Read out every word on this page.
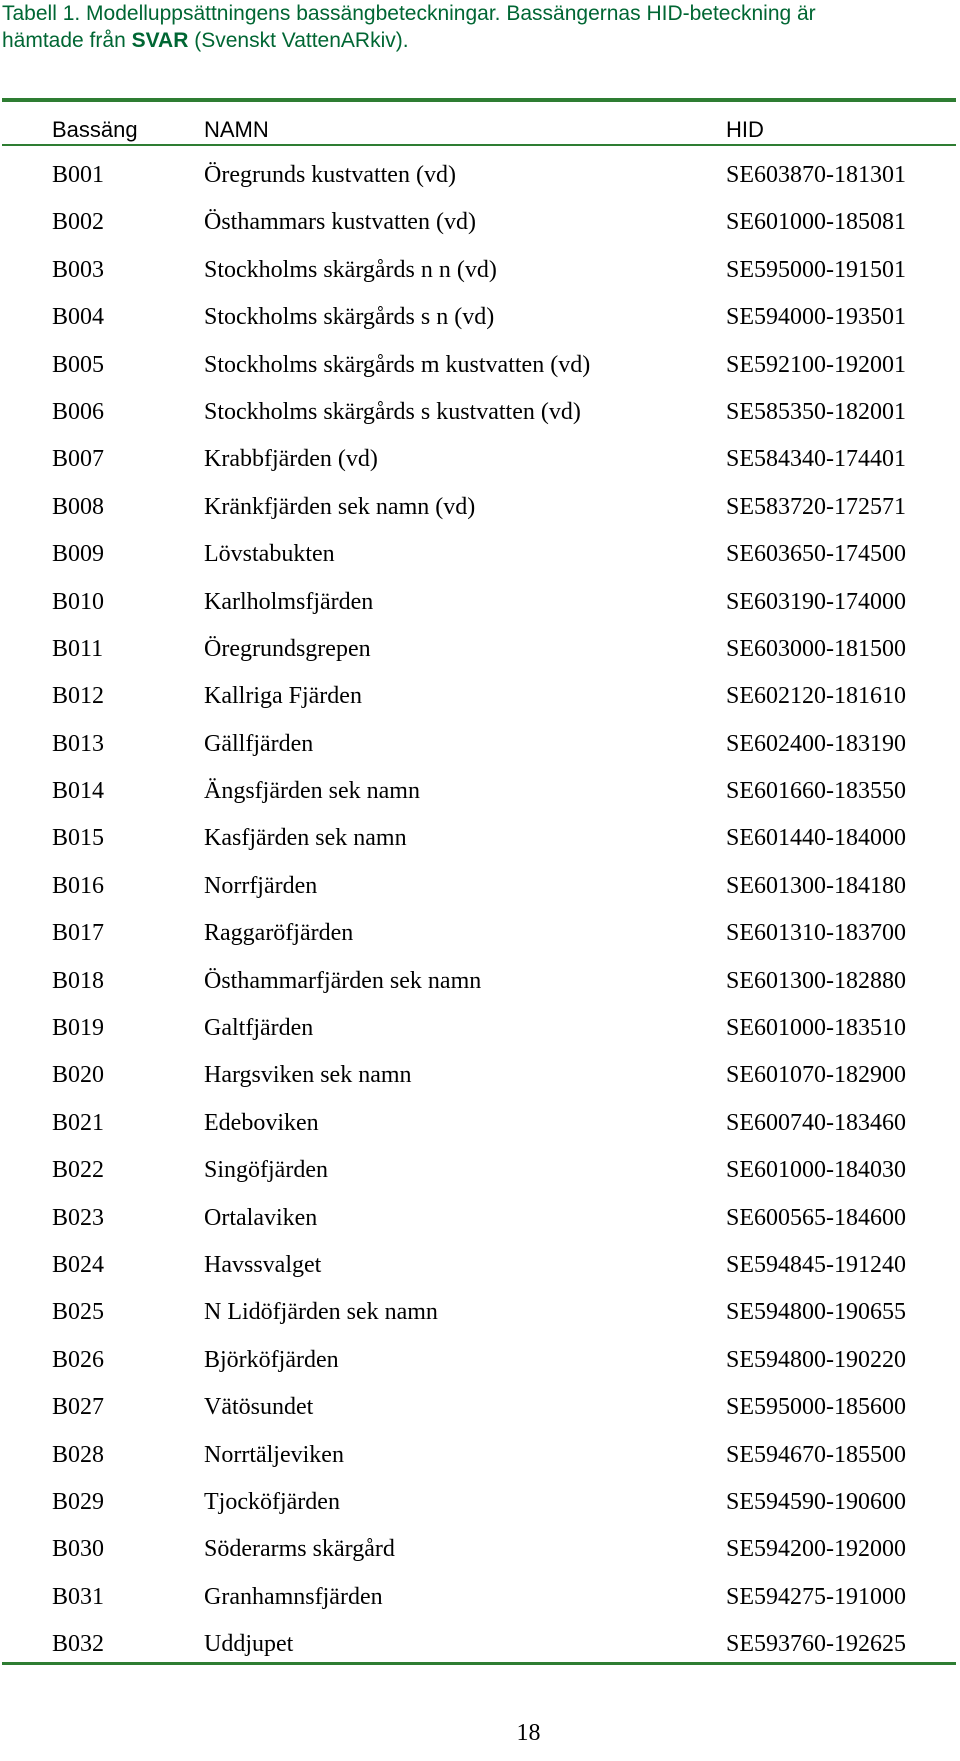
Tabell 1. Modelluppsättningens bassängbeteckningar. Bassängernas HID-beteckning är
hämtade från SVAR (Svenskt VattenARkiv).
Bassäng	NAMN	HID
B001	Öregrunds kustvatten (vd)	SE603870-181301
B002	Östhammars kustvatten (vd)	SE601000-185081
B003	Stockholms skärgårds n n (vd)	SE595000-191501
B004	Stockholms skärgårds s n (vd)	SE594000-193501
B005	Stockholms skärgårds m kustvatten (vd)	SE592100-192001
B006	Stockholms skärgårds s kustvatten (vd)	SE585350-182001
B007	Krabbfjärden (vd)	SE584340-174401
B008	Kränkfjärden sek namn (vd)	SE583720-172571
B009	Lövstabukten	SE603650-174500
B010	Karlholmsfjärden	SE603190-174000
B011	Öregrundsgrepen	SE603000-181500
B012	Kallriga Fjärden	SE602120-181610
B013	Gällfjärden	SE602400-183190
B014	Ängsfjärden sek namn	SE601660-183550
B015	Kasfjärden sek namn	SE601440-184000
B016	Norrfjärden	SE601300-184180
B017	Raggaröfjärden	SE601310-183700
B018	Östhammarfjärden sek namn	SE601300-182880
B019	Galtfjärden	SE601000-183510
B020	Hargsviken sek namn	SE601070-182900
B021	Edeboviken	SE600740-183460
B022	Singöfjärden	SE601000-184030
B023	Ortalaviken	SE600565-184600
B024	Havssvalget	SE594845-191240
B025	N Lidöfjärden sek namn	SE594800-190655
B026	Björköfjärden	SE594800-190220
B027	Vätösundet	SE595000-185600
B028	Norrtäljeviken	SE594670-185500
B029	Tjocköfjärden	SE594590-190600
B030	Söderarms skärgård	SE594200-192000
B031	Granhamnsfjärden	SE594275-191000
B032	Uddjupet	SE593760-192625
18
